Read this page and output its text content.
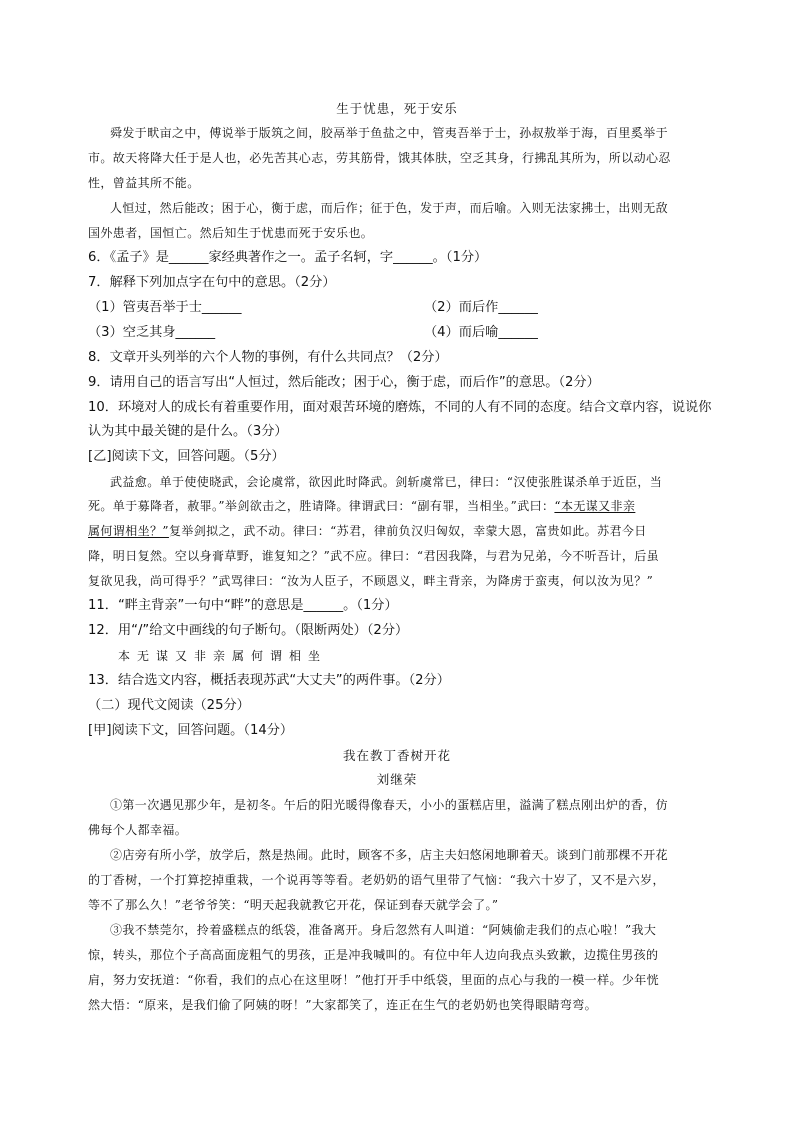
生于忧患，死于安乐
舜发于畎亩之中，傅说举于版筑之间，胶鬲举于鱼盐之中，管夷吾举于士，孙叔敖举于海，百里奚举于
市。故天将降大任于是人也，必先苦其心志，劳其筋骨，饿其体肤，空乏其身，行拂乱其所为，所以动心忍
性，曾益其所不能。
人恒过，然后能改；困于心，衡于虑，而后作；征于色，发于声，而后喻。入则无法家拂士，出则无敌
国外患者，国恒亡。然后知生于忧患而死于安乐也。
6．《孟子》是______家经典著作之一。孟子名轲，字______。（1分）
7．解释下列加点字在句中的意思。（2分）
（1）管夷吾举于士______	（2）而后作______
（3）空乏其身______	（4）而后喻______
8．文章开头列举的六个人物的事例，有什么共同点？（2分）
9．请用自己的语言写出“人恒过，然后能改；困于心，衡于虑，而后作”的意思。（2分）
10．环境对人的成长有着重要作用，面对艰苦环境的磨炼，不同的人有不同的态度。结合文章内容，说说你
认为其中最关键的是什么。（3分）
[乙]阅读下文，回答问题。（5分）
武益愈。单于使使晓武，会论虞常，欲因此时降武。剑斩虞常已，律曰：“汉使张胜谋杀单于近臣，当
死。单于募降者，赦罪。”举剑欲击之，胜请降。律谓武曰：“副有罪，当相坐。”武曰：“本无谋又非亲
属何谓相坐？”复举剑拟之，武不动。律曰：“苏君，律前负汉归匈奴，幸蒙大恩，富贵如此。苏君今日
降，明日复然。空以身膏草野，谁复知之？”武不应。律曰：“君因我降，与君为兄弟，今不听吾计，后虽
复欲见我，尚可得乎？”武骂律曰：“汝为人臣子，不顾恩义，畔主背亲，为降虏于蛮夷，何以汝为见？”
11．“畔主背亲”一句中“畔”的意思是______。（1分）
12．用“/”给文中画线的句子断句。（限断两处）（2分）
本无谋又非亲属何谓相坐
13．结合选文内容，概括表现苏武“大丈夫”的两件事。（2分）
（二）现代文阅读（25分）
[甲]阅读下文，回答问题。（14分）
我在教丁香树开花
刘继荣
①第一次遇见那少年，是初冬。午后的阳光暖得像春天，小小的蛋糕店里，溢满了糕点刚出炉的香，仿
佛每个人都幸福。
②店旁有所小学，放学后，熬是热闹。此时，顾客不多，店主夫妇悠闲地聊着天。谈到门前那棵不开花
的丁香树，一个打算挖掉重栽，一个说再等等看。老奶奶的语气里带了气恼：“我六十岁了，又不是六岁，
等不了那么久！”老爷爷笑：“明天起我就教它开花，保证到春天就学会了。”
③我不禁莞尔，拎着盛糕点的纸袋，准备离开。身后忽然有人叫道：“阿姨偷走我们的点心啦！”我大
惊，转头，那位个子高高面庞粗气的男孩，正是冲我喊叫的。有位中年人边向我点头致歉，边揽住男孩的
肩，努力安抚道：“你看，我们的点心在这里呀！”他打开手中纸袋，里面的点心与我的一模一样。少年恍
然大悟：“原来，是我们偷了阿姨的呀！”大家都笑了，连正在生气的老奶奶也笑得眼睛弯弯。
